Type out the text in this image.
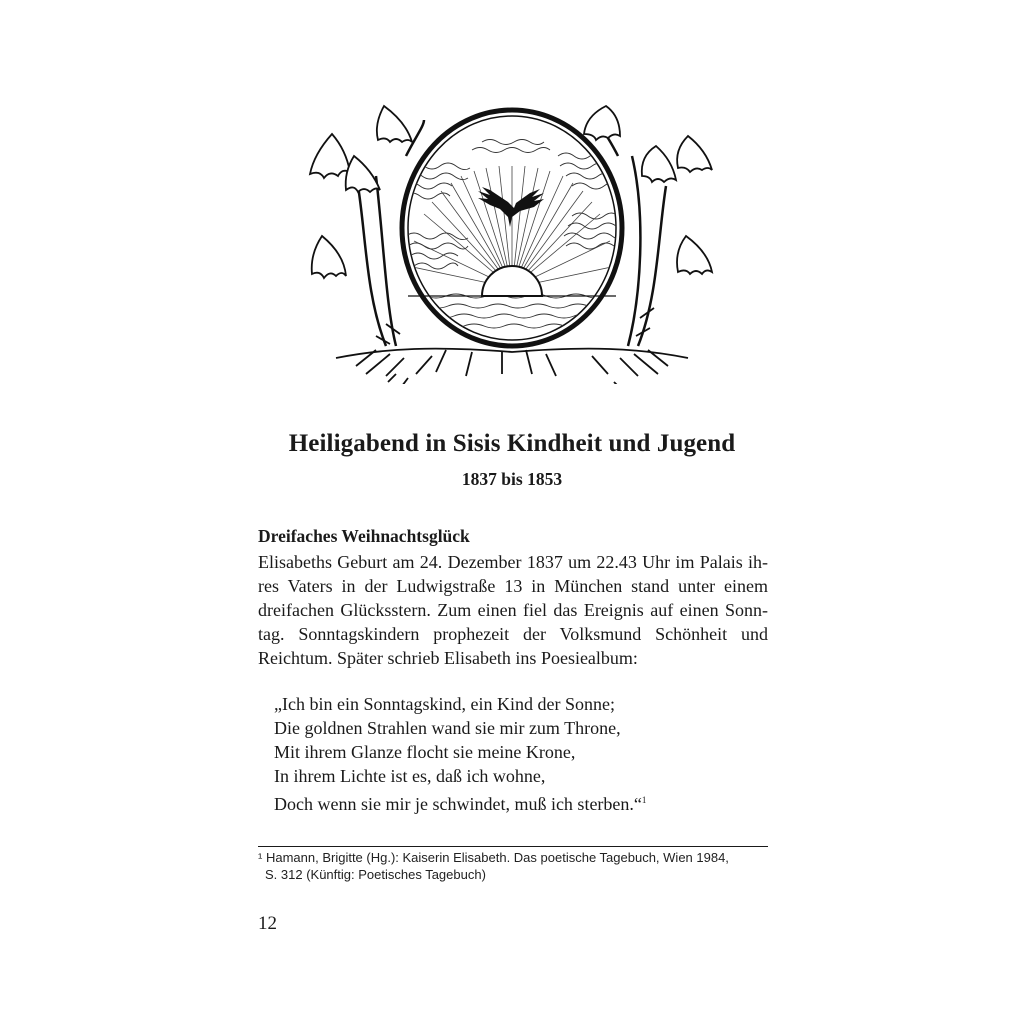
Heiligabend in Sisis Kindheit und Jugend
1837 bis 1853
Dreifaches Weihnachtsglück
Elisabeths Geburt am 24. Dezember 1837 um 22.43 Uhr im Palais ih-
res Vaters in der Ludwigstraße 13 in München stand unter einem
dreifachen Glücksstern. Zum einen fiel das Ereignis auf einen Sonn-
tag. Sonntagskindern prophezeit der Volksmund Schönheit und
Reichtum. Später schrieb Elisabeth ins Poesiealbum:
„Ich bin ein Sonntagskind, ein Kind der Sonne;
Die goldnen Strahlen wand sie mir zum Throne,
Mit ihrem Glanze flocht sie meine Krone,
In ihrem Lichte ist es, daß ich wohne,
Doch wenn sie mir je schwindet, muß ich sterben.“$^1$
¹ Hamann, Brigitte (Hg.): Kaiserin Elisabeth. Das poetische Tagebuch, Wien 1984,
S. 312 (Künftig: Poetisches Tagebuch)
12
